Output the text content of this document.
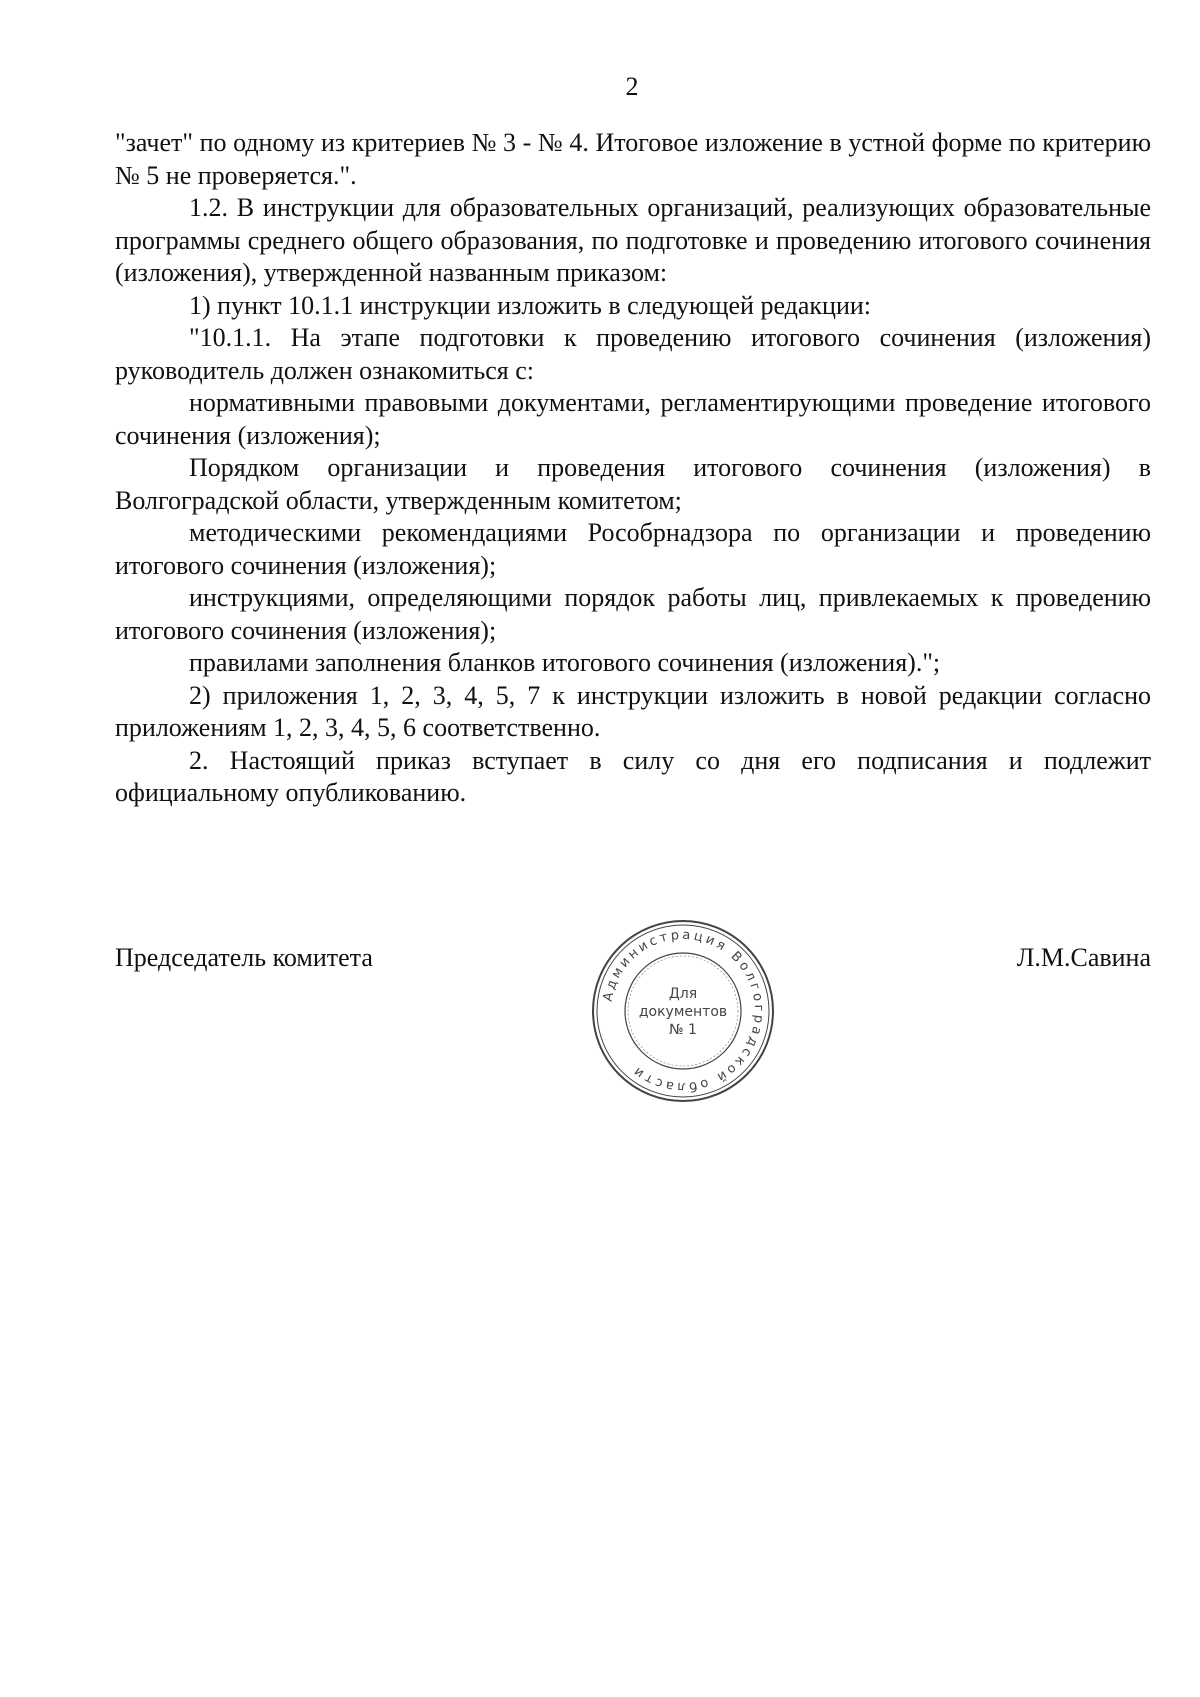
2

"зачет" по одному из критериев № 3 - № 4. Итоговое изложение в устной форме по критерию № 5 не проверяется.".

1.2. В инструкции для образовательных организаций, реализующих образовательные программы среднего общего образования, по подготовке и проведению итогового сочинения (изложения), утвержденной названным приказом:

1) пункт 10.1.1 инструкции изложить в следующей редакции:

"10.1.1. На этапе подготовки к проведению итогового сочинения (изложения) руководитель должен ознакомиться с:

нормативными правовыми документами, регламентирующими проведение итогового сочинения (изложения);

Порядком организации и проведения итогового сочинения (изложения) в Волгоградской области, утвержденным комитетом;

методическими рекомендациями Рособрнадзора по организации и проведению итогового сочинения (изложения);

инструкциями, определяющими порядок работы лиц, привлекаемых к проведению итогового сочинения (изложения);

правилами заполнения бланков итогового сочинения (изложения).";

2) приложения 1, 2, 3, 4, 5, 7 к инструкции изложить в новой редакции согласно приложениям 1, 2, 3, 4, 5, 6 соответственно.

2. Настоящий приказ вступает в силу со дня его подписания и подлежит официальному опубликованию.

Председатель комитета	Л.М.Савина
Администрация Волгоградской области
Для
документов
№ 1
